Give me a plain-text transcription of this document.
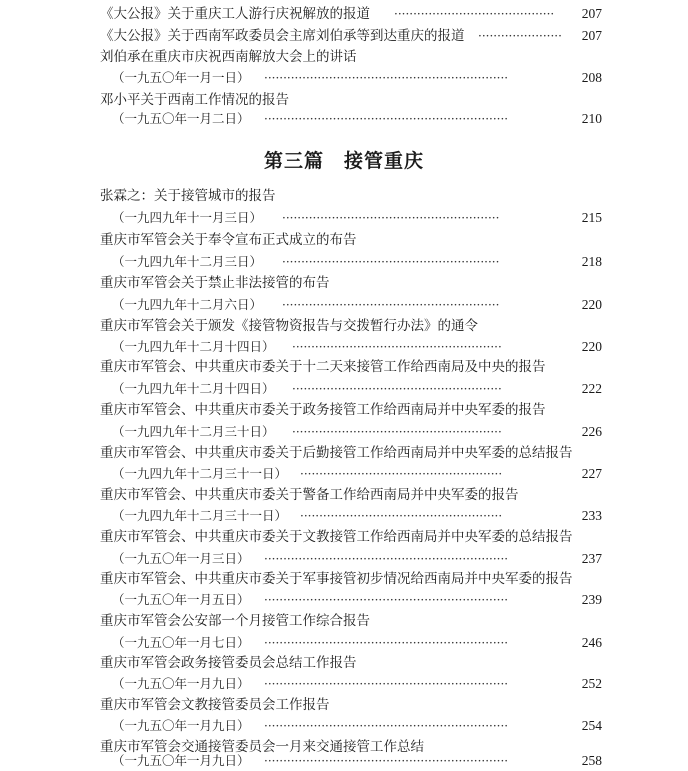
《大公报》关于重庆工人游行庆祝解放的报道 ··········································	207
《大公报》关于西南军政委员会主席刘伯承等到达重庆的报道 ······················	207
刘伯承在重庆市庆祝西南解放大会上的讲话
（一九五〇年一月一日） ································································	208
邓小平关于西南工作情况的报告
（一九五〇年一月二日） ································································	210
第三篇　接管重庆
张霖之：关于接管城市的报告
（一九四九年十一月三日） ·························································	215
重庆市军管会关于奉令宣布正式成立的布告
（一九四九年十二月三日） ·························································	218
重庆市军管会关于禁止非法接管的布告
（一九四九年十二月六日） ·························································	220
重庆市军管会关于颁发《接管物资报告与交拨暂行办法》的通令
（一九四九年十二月十四日） ·······················································	220
重庆市军管会、中共重庆市委关于十二天来接管工作给西南局及中央的报告
（一九四九年十二月十四日） ·······················································	222
重庆市军管会、中共重庆市委关于政务接管工作给西南局并中央军委的报告
（一九四九年十二月三十日） ·······················································	226
重庆市军管会、中共重庆市委关于后勤接管工作给西南局并中央军委的总结报告
（一九四九年十二月三十一日） ·····················································	227
重庆市军管会、中共重庆市委关于警备工作给西南局并中央军委的报告
（一九四九年十二月三十一日） ·····················································	233
重庆市军管会、中共重庆市委关于文教接管工作给西南局并中央军委的总结报告
（一九五〇年一月三日） ································································	237
重庆市军管会、中共重庆市委关于军事接管初步情况给西南局并中央军委的报告
（一九五〇年一月五日） ································································	239
重庆市军管会公安部一个月接管工作综合报告
（一九五〇年一月七日） ································································	246
重庆市军管会政务接管委员会总结工作报告
（一九五〇年一月九日） ································································	252
重庆市军管会文教接管委员会工作报告
（一九五〇年一月九日） ································································	254
重庆市军管会交通接管委员会一月来交通接管工作总结
（一九五〇年一月九日） ································································	258
